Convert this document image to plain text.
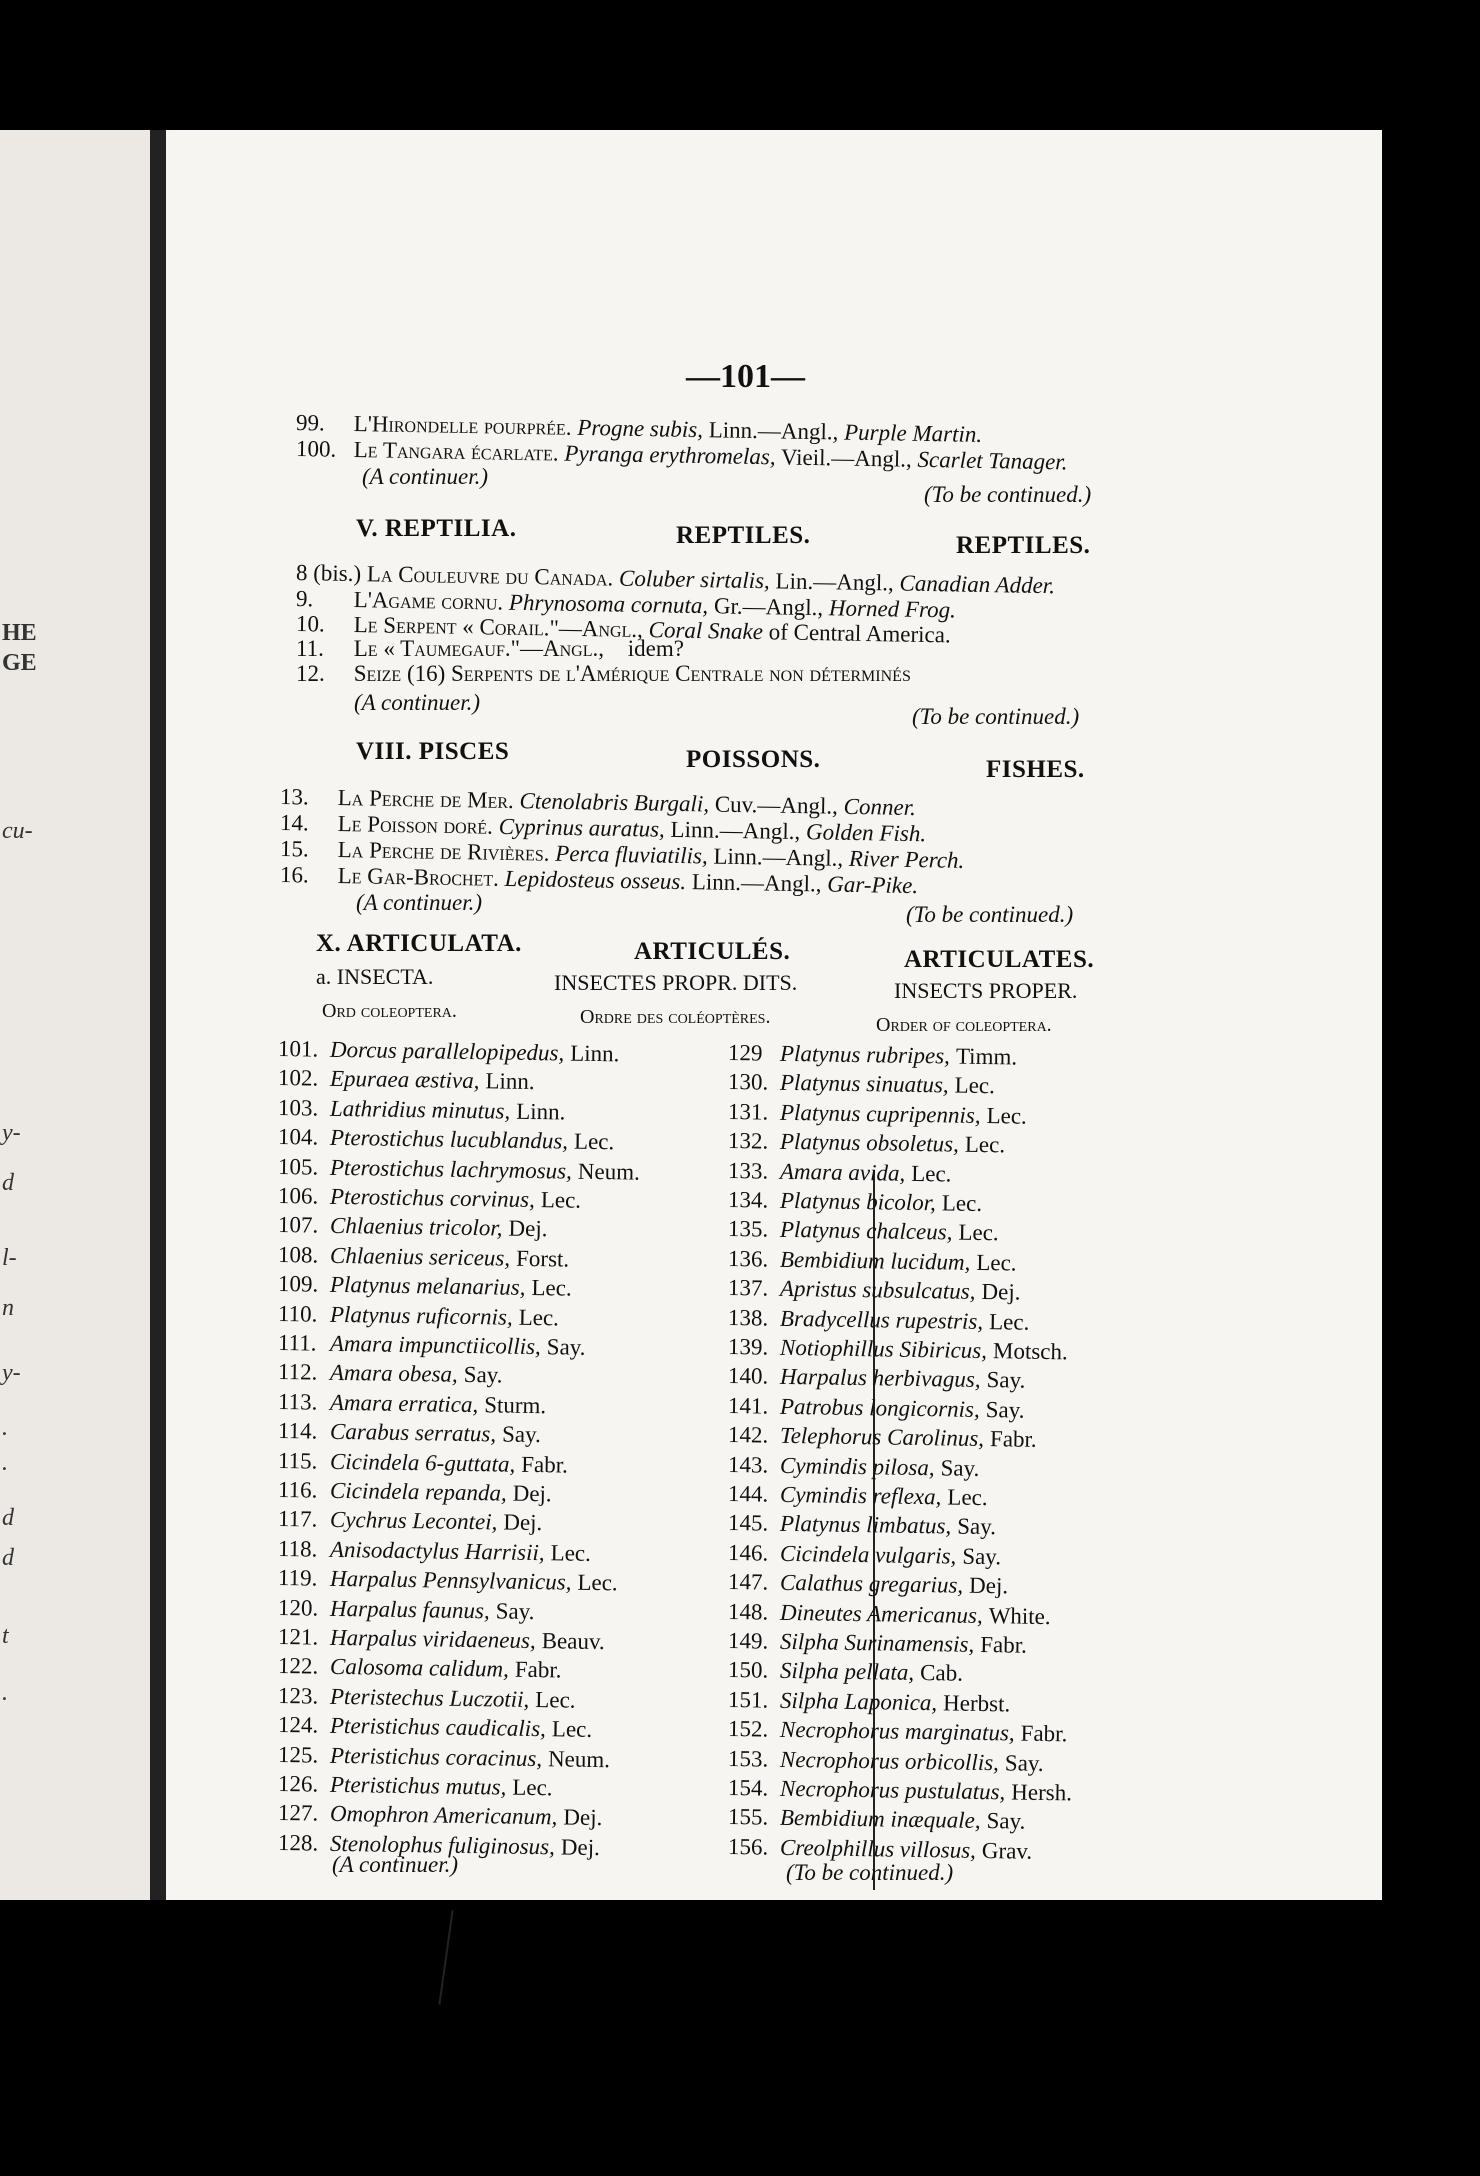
HE
GE
cu-
y-
d
l-
n
y-
.
.
d
d
t
.
—101—
99. L'Hirondelle pourprée. Progne subis, Linn.—Angl., Purple Martin.
100. Le Tangara écarlate. Pyranga erythromelas, Vieil.—Angl., Scarlet Tanager.
(A continuer.)
(To be continued.)
V. REPTILIA.	REPTILES.	REPTILES.
8 (bis.) La Couleuvre du Canada. Coluber sirtalis, Lin.—Angl., Canadian Adder.
9. L'Agame cornu. Phrynosoma cornuta, Gr.—Angl., Horned Frog.
10. Le Serpent « Corail."—Angl., Coral Snake of Central America.
11. Le « Taumegauf."—Angl., idem?
12. Seize (16) Serpents de l'Amérique Centrale non déterminés
(A continuer.)
(To be continued.)
VIII. PISCES	POISSONS.	FISHES.
13. La Perche de Mer. Ctenolabris Burgali, Cuv.—Angl., Conner.
14. Le Poisson doré. Cyprinus auratus, Linn.—Angl., Golden Fish.
15. La Perche de Rivières. Perca fluviatilis, Linn.—Angl., River Perch.
16. Le Gar-Brochet. Lepidosteus osseus. Linn.—Angl., Gar-Pike.
(A continuer.)	(To be continued.)
X. ARTICULATA.	ARTICULÉS.	ARTICULATES.
a. INSECTA.	INSECTES PROPR. DITS.	INSECTS PROPER.
Ord coleoptera.	Ordre des coléoptères.	Order of coleoptera.
101. Dorcus parallelopipedus, Linn.
102. Epuraea æstiva, Linn.
103. Lathridius minutus, Linn.
104. Pterostichus lucublandus, Lec.
105. Pterostichus lachrymosus, Neum.
106. Pterostichus corvinus, Lec.
107. Chlaenius tricolor, Dej.
108. Chlaenius sericeus, Forst.
109. Platynus melanarius, Lec.
110. Platynus ruficornis, Lec.
111. Amara impunctiicollis, Say.
112. Amara obesa, Say.
113. Amara erratica, Sturm.
114. Carabus serratus, Say.
115. Cicindela 6-guttata, Fabr.
116. Cicindela repanda, Dej.
117. Cychrus Lecontei, Dej.
118. Anisodactylus Harrisii, Lec.
119. Harpalus Pennsylvanicus, Lec.
120. Harpalus faunus, Say.
121. Harpalus viridaeneus, Beauv.
122. Calosoma calidum, Fabr.
123. Pteristechus Luczotii, Lec.
124. Pteristichus caudicalis, Lec.
125. Pteristichus coracinus, Neum.
126. Pteristichus mutus, Lec.
127. Omophron Americanum, Dej.
128. Stenolophus fuliginosus, Dej.
129 Platynus rubripes, Timm.
130. Platynus sinuatus, Lec.
131. Platynus cupripennis, Lec.
132. Platynus obsoletus, Lec.
133. Amara avida, Lec.
134. Platynus bicolor, Lec.
135. Platynus chalceus, Lec.
136. Bembidium lucidum, Lec.
137. Apristus subsulcatus, Dej.
138. Bradycellus rupestris, Lec.
139. Notiophillus Sibiricus, Motsch.
140. Harpalus herbivagus, Say.
141. Patrobus longicornis, Say.
142. Telephorus Carolinus, Fabr.
143. Cymindis pilosa, Say.
144. Cymindis reflexa, Lec.
145. Platynus limbatus, Say.
146. Cicindela vulgaris, Say.
147. Calathus gregarius, Dej.
148. Dineutes Americanus, White.
149. Silpha Surinamensis, Fabr.
150. Silpha pellata, Cab.
151. Silpha Laponica, Herbst.
152. Necrophorus marginatus, Fabr.
153. Necrophorus orbicollis, Say.
154. Necrophorus pustulatus, Hersh.
155. Bembidium inæquale, Say.
156. Creolphillus villosus, Grav.
(A continuer.)	(To be continued.)
